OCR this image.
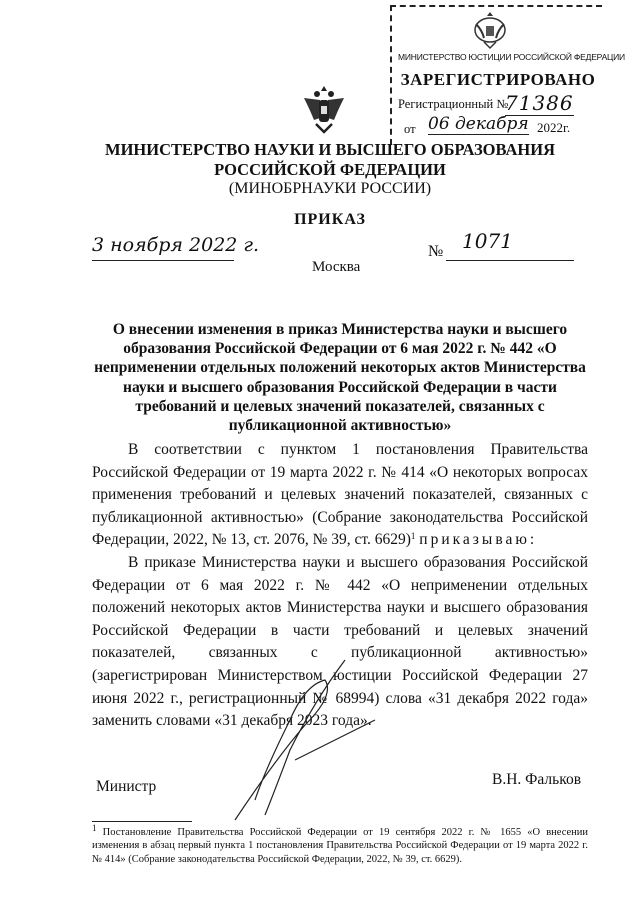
МИНИСТЕРСТВО ЮСТИЦИИ РОССИЙСКОЙ ФЕДЕРАЦИИ
ЗАРЕГИСТРИРОВАНО
Регистрационный №
71386
от 06 декабря 2022г.
МИНИСТЕРСТВО НАУКИ И ВЫСШЕГО ОБРАЗОВАНИЯ РОССИЙСКОЙ ФЕДЕРАЦИИ
(МИНОБРНАУКИ РОССИИ)
ПРИКАЗ
3 ноября 2022 г.	№ 1071
Москва
О внесении изменения в приказ Министерства науки и высшего образования Российской Федерации от 6 мая 2022 г. № 442 «О неприменении отдельных положений некоторых актов Министерства науки и высшего образования Российской Федерации в части требований и целевых значений показателей, связанных с публикационной активностью»

В соответствии с пунктом 1 постановления Правительства Российской Федерации от 19 марта 2022 г. № 414 «О некоторых вопросах применения требований и целевых значений показателей, связанных с публикационной активностью» (Собрание законодательства Российской Федерации, 2022, № 13, ст. 2076, № 39, ст. 6629)$^1$ приказываю:

В приказе Министерства науки и высшего образования Российской Федерации от 6 мая 2022 г. № 442 «О неприменении отдельных положений некоторых актов Министерства науки и высшего образования Российской Федерации в части требований и целевых значений показателей, связанных с публикационной активностью» (зарегистрирован Министерством юстиции Российской Федерации 27 июня 2022 г., регистрационный № 68994) слова «31 декабря 2022 года» заменить словами «31 декабря 2023 года».

Министр	В.Н. Фальков
$^1$ Постановление Правительства Российской Федерации от 19 сентября 2022 г. № 1655 «О внесении изменения в абзац первый пункта 1 постановления Правительства Российской Федерации от 19 марта 2022 г. № 414» (Собрание законодательства Российской Федерации, 2022, № 39, ст. 6629).
